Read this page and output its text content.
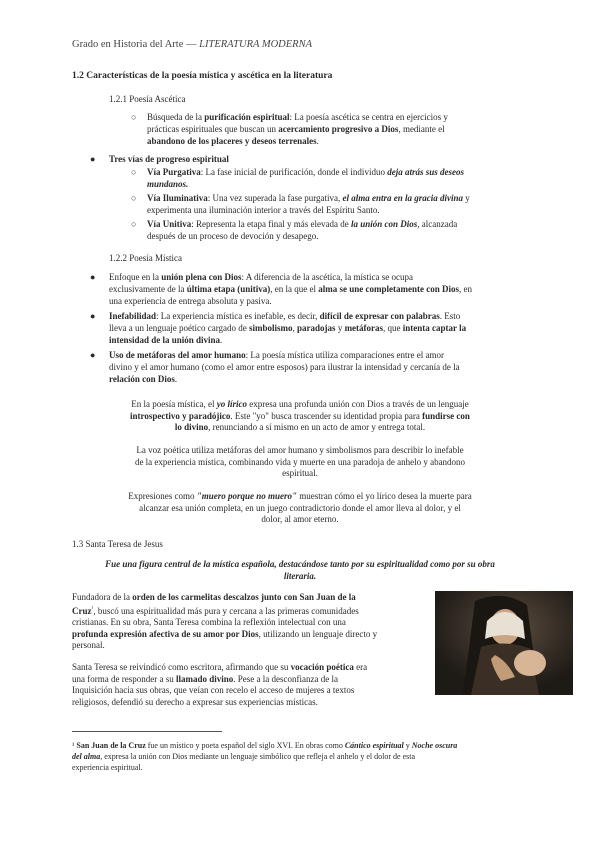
Grado en Historia del Arte — LITERATURA MODERNA
1.2 Características de la poesía mística y ascética en la literatura
1.2.1 Poesía Ascética
○ Búsqueda de la purificación espiritual: La poesía ascética se centra en ejercicios y
prácticas espirituales que buscan un acercamiento progresivo a Dios, mediante el
abandono de los placeres y deseos terrenales.
● Tres vías de progreso espiritual
○ Vía Purgativa: La fase inicial de purificación, donde el individuo deja atrás sus deseos
mundanos.
○ Vía Iluminativa: Una vez superada la fase purgativa, el alma entra en la gracia divina y
experimenta una iluminación interior a través del Espíritu Santo.
○ Vía Unitiva: Representa la etapa final y más elevada de la unión con Dios, alcanzada
después de un proceso de devoción y desapego.
1.2.2 Poesía Mística
● Enfoque en la unión plena con Dios: A diferencia de la ascética, la mística se ocupa
exclusivamente de la última etapa (unitiva), en la que el alma se une completamente con Dios, en
una experiencia de entrega absoluta y pasiva.
● Inefabilidad: La experiencia mística es inefable, es decir, difícil de expresar con palabras. Esto
lleva a un lenguaje poético cargado de simbolismo, paradojas y metáforas, que intenta captar la
intensidad de la unión divina.
● Uso de metáforas del amor humano: La poesía mística utiliza comparaciones entre el amor
divino y el amor humano (como el amor entre esposos) para ilustrar la intensidad y cercanía de la
relación con Dios.
En la poesía mística, el yo lírico expresa una profunda unión con Dios a través de un lenguaje
introspectivo y paradójico. Este "yo" busca trascender su identidad propia para fundirse con
lo divino, renunciando a sí mismo en un acto de amor y entrega total.
La voz poética utiliza metáforas del amor humano y simbolismos para describir lo inefable
de la experiencia mística, combinando vida y muerte en una paradoja de anhelo y abandono
espiritual.
Expresiones como "muero porque no muero" muestran cómo el yo lírico desea la muerte para
alcanzar esa unión completa, en un juego contradictorio donde el amor lleva al dolor, y el
dolor, al amor eterno.
1.3 Santa Teresa de Jesus
Fue una figura central de la mística española, destacándose tanto por su espiritualidad como por su obra
literaria.
Fundadora de la orden de los carmelitas descalzos junto con San Juan de la
Cruz$^{^1}$, buscó una espiritualidad más pura y cercana a las primeras comunidades
cristianas. En su obra, Santa Teresa combina la reflexión intelectual con una
profunda expresión afectiva de su amor por Dios, utilizando un lenguaje directo y
personal.
Santa Teresa se reivindicó como escritora, afirmando que su vocación poética era
una forma de responder a su llamado divino. Pese a la desconfianza de la
Inquisición hacia sus obras, que veían con recelo el acceso de mujeres a textos
religiosos, defendió su derecho a expresar sus experiencias místicas.
¹ San Juan de la Cruz fue un místico y poeta español del siglo XVI. En obras como Cántico espiritual y Noche oscura
del alma, expresa la unión con Dios mediante un lenguaje simbólico que refleja el anhelo y el dolor de esta
experiencia espiritual.
